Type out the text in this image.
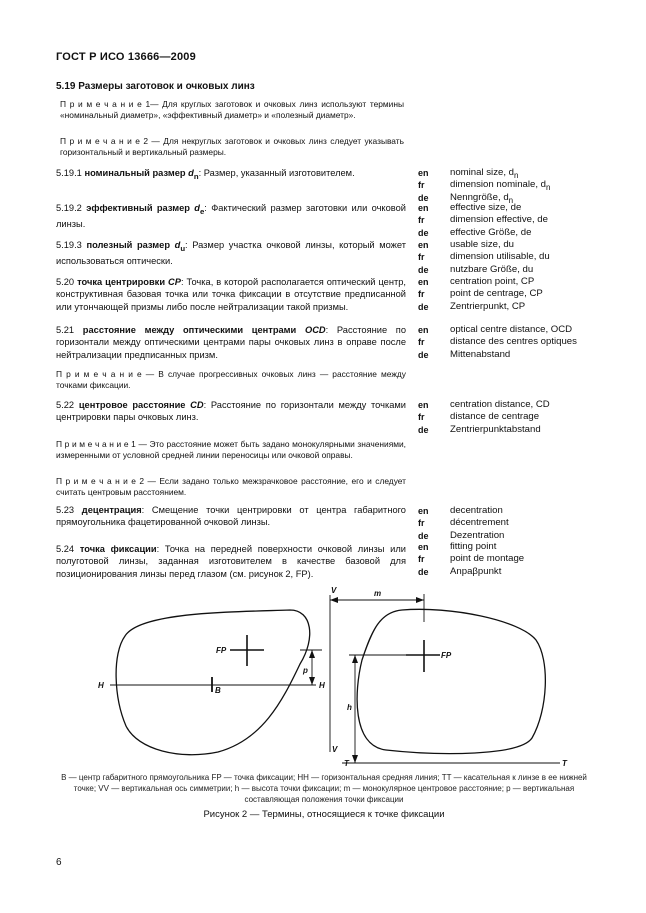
ГОСТ Р ИСО 13666—2009
5.19 Размеры заготовок и очковых линз
П р и м е ч а н и е 1— Для круглых заготовок и очковых линз используют термины «номинальный диаметр», «эффективный диаметр» и «полезный диаметр».
П р и м е ч а н и е 2 — Для некруглых заготовок и очковых линз следует указывать горизонтальный и вертикальный размеры.
5.19.1 номинальный размер $d_n$: Размер, указанный изготовителем.
5.19.2 эффективный размер $d_e$: Фактический размер заготовки или очковой линзы.
5.19.3 полезный размер $d_u$: Размер участка очковой линзы, который может использоваться оптически.
5.20 точка центрировки CP: Точка, в которой располагается оптический центр, конструктивная базовая точка или точка фиксации в отсутствие предписанной или утончающей призмы либо после нейтрализации такой призмы.
5.21 расстояние между оптическими центрами OCD: Расстояние по горизонтали между оптическими центрами пары очковых линз в оправе после нейтрализации предписанных призм.
П р и м е ч а н и е — В случае прогрессивных очковых линз — расстояние между точками фиксации.
5.22 центровое расстояние CD: Расстояние по горизонтали между точками центрировки пары очковых линз.
П р и м е ч а н и е 1 — Это расстояние может быть задано монокулярными значениями, измеренными от условной средней линии переносицы или очковой оправы.
П р и м е ч а н и е 2 — Если задано только межзрачковое расстояние, его и следует считать центровым расстоянием.
5.23 децентрация: Смещение точки центрировки от центра габаритного прямоугольника фацетированной очковой линзы.
5.24 точка фиксации: Точка на передней поверхности очковой линзы или полуготовой линзы, заданная изготовителем в качестве базовой для позиционирования линзы перед глазом (см. рисунок 2, FP).
en
fr
de
nominal size, $d_n$
dimension nominale, $d_n$
Nenngrößе, $d_n$
en
fr
de
effective size, de
dimension effective, de
effective Größe, de
en
fr
de
usable size, du
dimension utilisable, du
nutzbare Größe, du
en
fr
de
centration point, CP
point de centrage, CP
Zentrierpunkt, CP
en
fr
de
optical centre distance, OCD
distance des centres optiques
Mittenabstand
en
fr
de
centration distance, CD
distance de centrage
Zentrierpunktabstand
en
fr
de
decentration
décentrement
Dezentration
en
fr
de
fitting point
point de montage
Anpaβpunkt
H	H
B
FP
FP
p
V
V
m
h
T	T
B — центр габаритного прямоугольника FP — точка фиксации; HH — горизонтальная средняя линия; TT — касательная к линзе в ее нижней точке; VV — вертикальная ось симметрии; h — высота точки фиксации; m — монокулярное центровое расстояние; p — вертикальная составляющая положения точки фиксации
Рисунок 2 — Термины, относящиеся к точке фиксации
6
